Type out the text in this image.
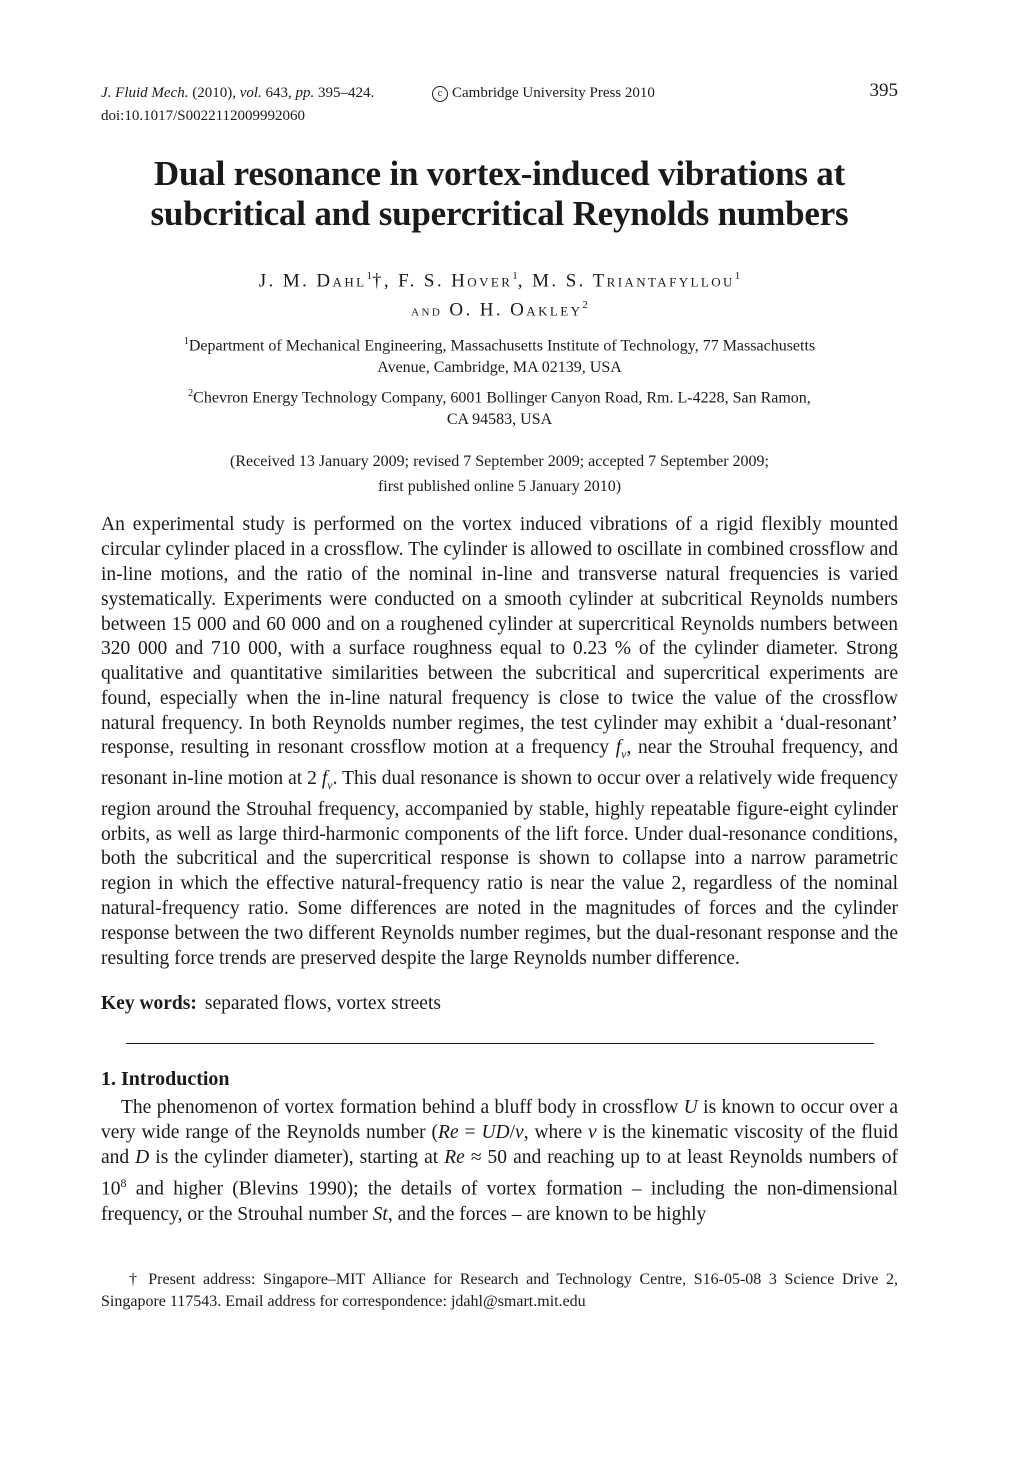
J. Fluid Mech. (2010), vol. 643, pp. 395–424.	c Cambridge University Press 2010	395
doi:10.1017/S0022112009992060
Dual resonance in vortex-induced vibrations at
subcritical and supercritical Reynolds numbers
J. M. Dahl$^1$†, F. S. Hover$^1$, M. S. Triantafyllou$^1$
and O. H. Oakley$^2$
$^1$Department of Mechanical Engineering, Massachusetts Institute of Technology, 77 Massachusetts
Avenue, Cambridge, MA 02139, USA
$^2$Chevron Energy Technology Company, 6001 Bollinger Canyon Road, Rm. L-4228, San Ramon,
CA 94583, USA
(Received 13 January 2009; revised 7 September 2009; accepted 7 September 2009;
first published online 5 January 2010)
An experimental study is performed on the vortex induced vibrations of a rigid flexibly mounted circular cylinder placed in a crossflow. The cylinder is allowed to oscillate in combined crossflow and in-line motions, and the ratio of the nominal in-line and transverse natural frequencies is varied systematically. Experiments were conducted on a smooth cylinder at subcritical Reynolds numbers between 15 000 and 60 000 and on a roughened cylinder at supercritical Reynolds numbers between 320 000 and 710 000, with a surface roughness equal to 0.23 % of the cylinder diameter. Strong qualitative and quantitative similarities between the subcritical and supercritical experiments are found, especially when the in-line natural frequency is close to twice the value of the crossflow natural frequency. In both Reynolds number regimes, the test cylinder may exhibit a ‘dual-resonant’ response, resulting in resonant crossflow motion at a frequency $f_v$, near the Strouhal frequency, and resonant in-line motion at 2 $f_v$. This dual resonance is shown to occur over a relatively wide frequency region around the Strouhal frequency, accompanied by stable, highly repeatable figure-eight cylinder orbits, as well as large third-harmonic components of the lift force. Under dual-resonance conditions, both the subcritical and the supercritical response is shown to collapse into a narrow parametric region in which the effective natural-frequency ratio is near the value 2, regardless of the nominal natural-frequency ratio. Some differences are noted in the magnitudes of forces and the cylinder response between the two different Reynolds number regimes, but the dual-resonant response and the resulting force trends are preserved despite the large Reynolds number difference.
Key words: separated flows, vortex streets
1. Introduction
The phenomenon of vortex formation behind a bluff body in crossflow U is known to occur over a very wide range of the Reynolds number (Re = UD/ν, where ν is the kinematic viscosity of the fluid and D is the cylinder diameter), starting at Re ≈ 50 and reaching up to at least Reynolds numbers of $10^8$ and higher (Blevins 1990); the details of vortex formation – including the non-dimensional frequency, or the Strouhal number St, and the forces – are known to be highly
† Present address: Singapore–MIT Alliance for Research and Technology Centre, S16-05-08 3 Science Drive 2, Singapore 117543. Email address for correspondence: jdahl@smart.mit.edu
